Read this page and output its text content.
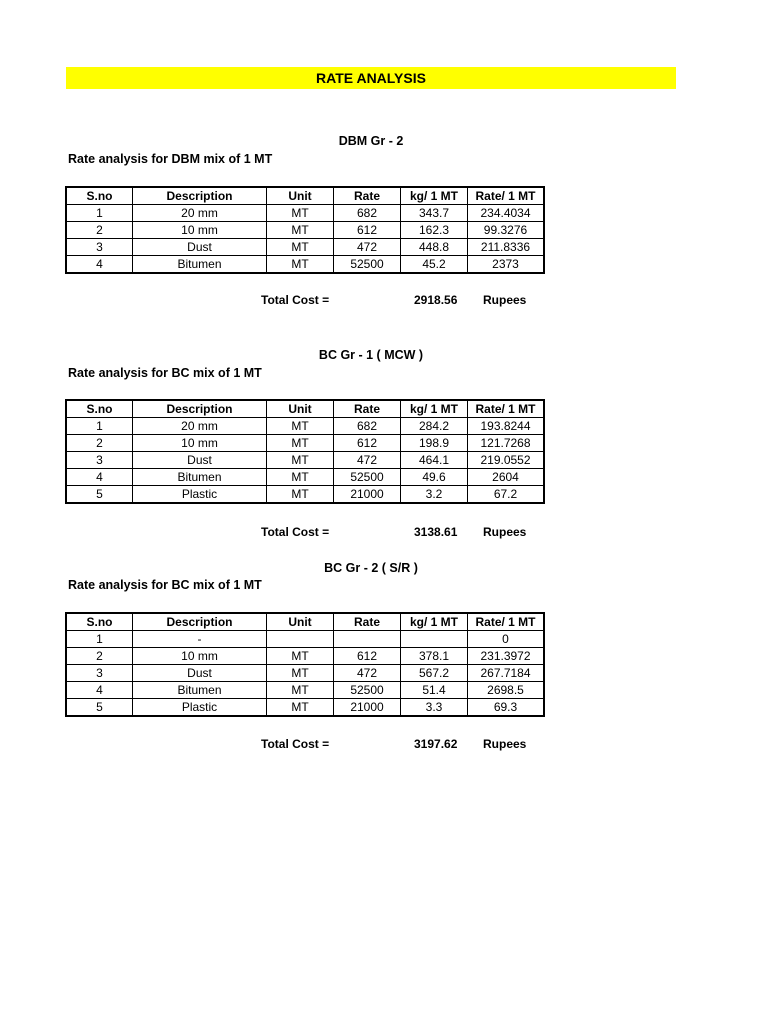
RATE ANALYSIS
DBM Gr - 2
Rate analysis for DBM mix of 1 MT
S.no	Description	Unit	Rate	kg/ 1 MT	Rate/ 1 MT
1	20 mm	MT	682	343.7	234.4034
2	10 mm	MT	612	162.3	99.3276
3	Dust	MT	472	448.8	211.8336
4	Bitumen	MT	52500	45.2	2373
Total Cost =	2918.56 Rupees
BC Gr - 1 ( MCW )
Rate analysis for BC mix of 1 MT
S.no	Description	Unit	Rate	kg/ 1 MT	Rate/ 1 MT
1	20 mm	MT	682	284.2	193.8244
2	10 mm	MT	612	198.9	121.7268
3	Dust	MT	472	464.1	219.0552
4	Bitumen	MT	52500	49.6	2604
5	Plastic	MT	21000	3.2	67.2
Total Cost =	3138.61 Rupees
BC Gr - 2 ( S/R )
Rate analysis for BC mix of 1 MT
S.no	Description	Unit	Rate	kg/ 1 MT	Rate/ 1 MT
1	-				0
2	10 mm	MT	612	378.1	231.3972
3	Dust	MT	472	567.2	267.7184
4	Bitumen	MT	52500	51.4	2698.5
5	Plastic	MT	21000	3.3	69.3
Total Cost =	3197.62 Rupees
